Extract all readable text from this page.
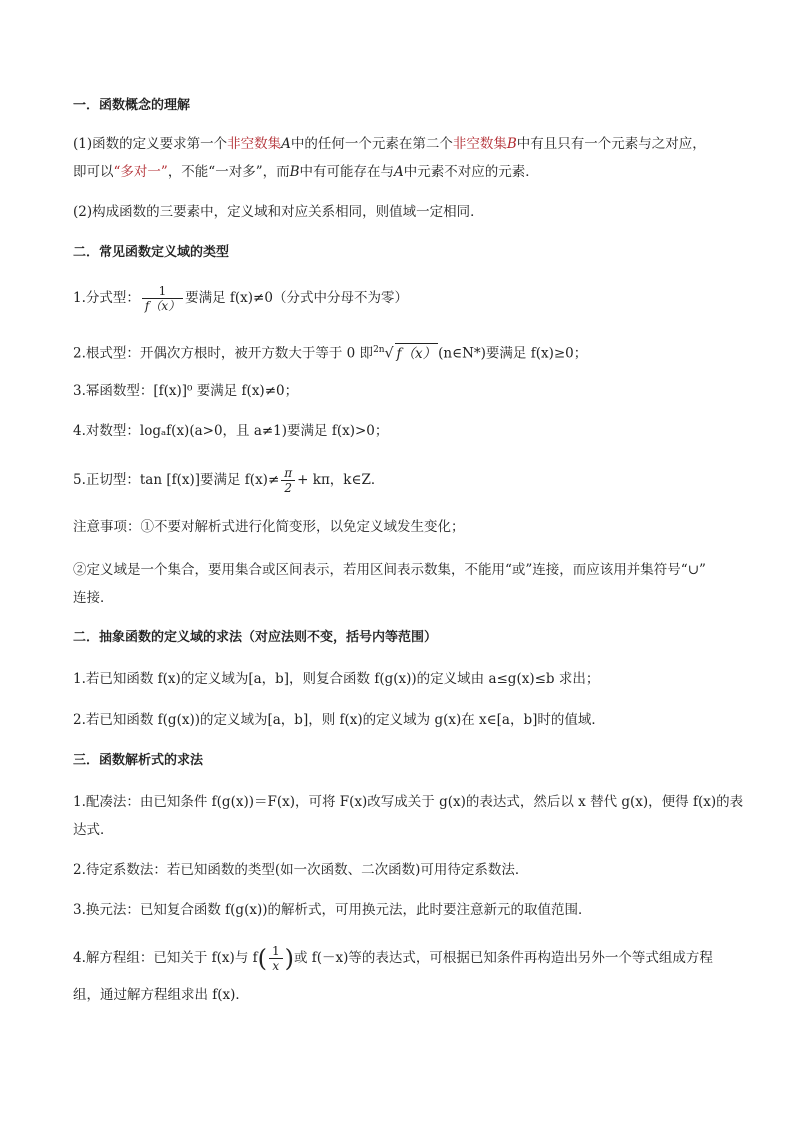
一．函数概念的理解
(1)函数的定义要求第一个非空数集A中的任何一个元素在第二个非空数集B中有且只有一个元素与之对应，
即可以“多对一”，不能“一对多”，而B中有可能存在与A中元素不对应的元素．
(2)构成函数的三要素中，定义域和对应关系相同，则值域一定相同．
二．常见函数定义域的类型
1.分式型： $\frac{1}{f(x)}$ 要满足 f(x)≠0（分式中分母不为零）
2.根式型：开偶次方根时，被开方数大于等于 0 即$^{2n}$√ f（x） (n∈N*)要满足 f(x)≥0；
3.幂函数型：[f(x)]⁰ 要满足 f(x)≠0；
4.对数型：logₐf(x)(a>0，且 a≠1)要满足 f(x)>0；
5.正切型：tan [f(x)]要满足 $f(x)\ne \frac{\pi}{2} + k\pi$，k∈Z．
注意事项：①不要对解析式进行化简变形，以免定义域发生变化；
②定义域是一个集合，要用集合或区间表示，若用区间表示数集，不能用“或”连接，而应该用并集符号“∪”
连接．
二．抽象函数的定义域的求法（对应法则不变，括号内等范围）
1.若已知函数 f(x)的定义域为[a，b]，则复合函数 f(g(x))的定义域由 a≤g(x)≤b 求出；
2.若已知函数 f(g(x))的定义域为[a，b]，则 f(x)的定义域为 g(x)在 x∈[a，b]时的值域．
三．函数解析式的求法
1.配凑法：由已知条件 f(g(x))＝F(x)，可将 F(x)改写成关于 g(x)的表达式，然后以 x 替代 g(x)，便得 f(x)的表
达式．
2.待定系数法：若已知函数的类型(如一次函数、二次函数)可用待定系数法．
3.换元法：已知复合函数 f(g(x))的解析式，可用换元法，此时要注意新元的取值范围．
4.解方程组：已知关于 f(x)与 $f( \frac{1}{x}$ )或 f(－x)等的表达式，可根据已知条件再构造出另外一个等式组成方程
组，通过解方程组求出 f(x)．
